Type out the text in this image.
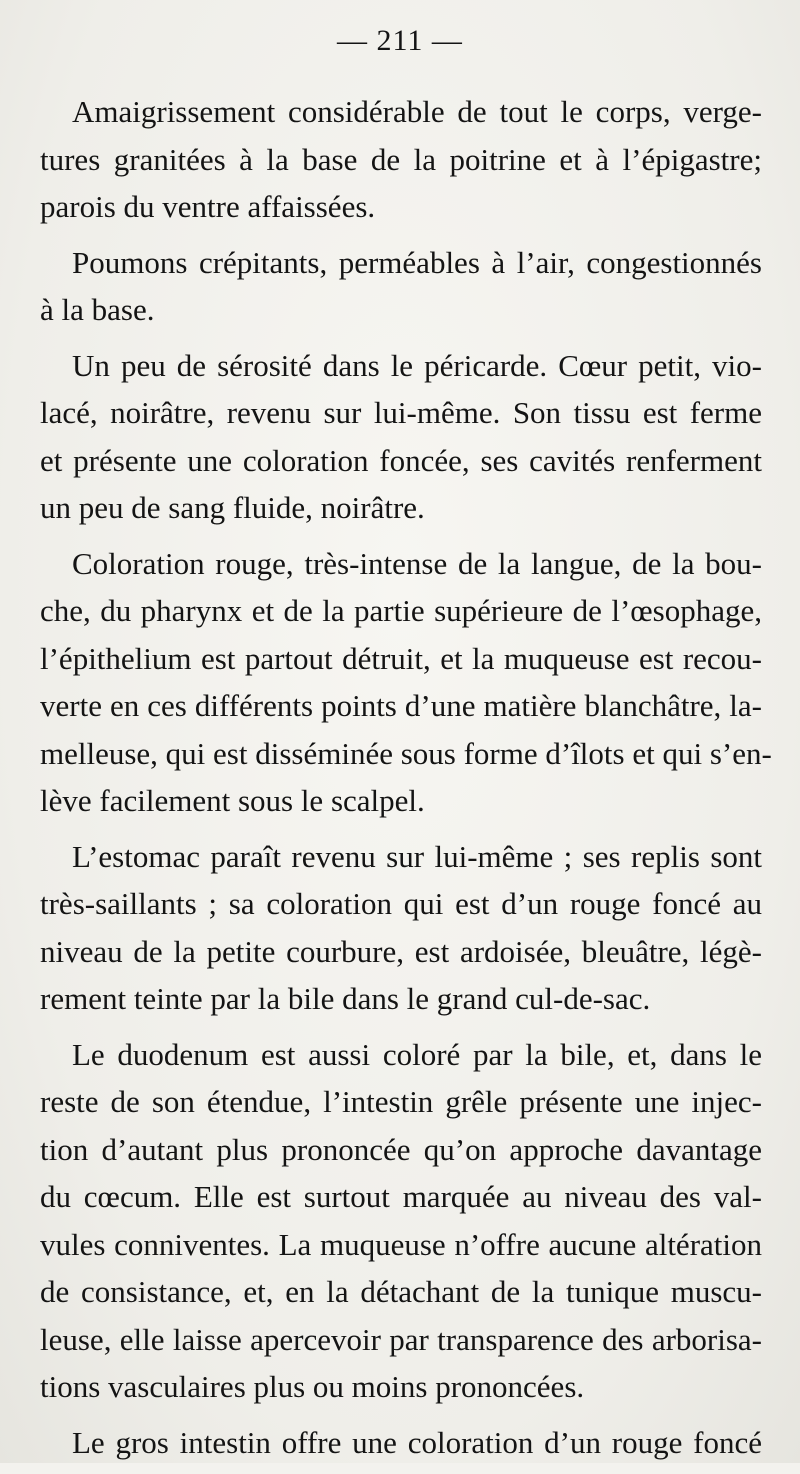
— 211 —

Amaigrissement considérable de tout le corps, verge-
tures granitées à la base de la poitrine et à l’épigastre;
parois du ventre affaissées.

Poumons crépitants, perméables à l’air, congestionnés
à la base.

Un peu de sérosité dans le péricarde. Cœur petit, vio-
lacé, noirâtre, revenu sur lui-même. Son tissu est ferme
et présente une coloration foncée, ses cavités renferment
un peu de sang fluide, noirâtre.

Coloration rouge, très-intense de la langue, de la bou-
che, du pharynx et de la partie supérieure de l’œsophage,
l’épithelium est partout détruit, et la muqueuse est recou-
verte en ces différents points d’une matière blanchâtre, la-
melleuse, qui est disséminée sous forme d’îlots et qui s’en-
lève facilement sous le scalpel.

L’estomac paraît revenu sur lui-même ; ses replis sont
très-saillants ; sa coloration qui est d’un rouge foncé au
niveau de la petite courbure, est ardoisée, bleuâtre, légè-
rement teinte par la bile dans le grand cul-de-sac.

Le duodenum est aussi coloré par la bile, et, dans le
reste de son étendue, l’intestin grêle présente une injec-
tion d’autant plus prononcée qu’on approche davantage
du cœcum. Elle est surtout marquée au niveau des val-
vules conniventes. La muqueuse n’offre aucune altération
de consistance, et, en la détachant de la tunique muscu-
leuse, elle laisse apercevoir par transparence des arborisa-
tions vasculaires plus ou moins prononcées.

Le gros intestin offre une coloration d’un rouge foncé
